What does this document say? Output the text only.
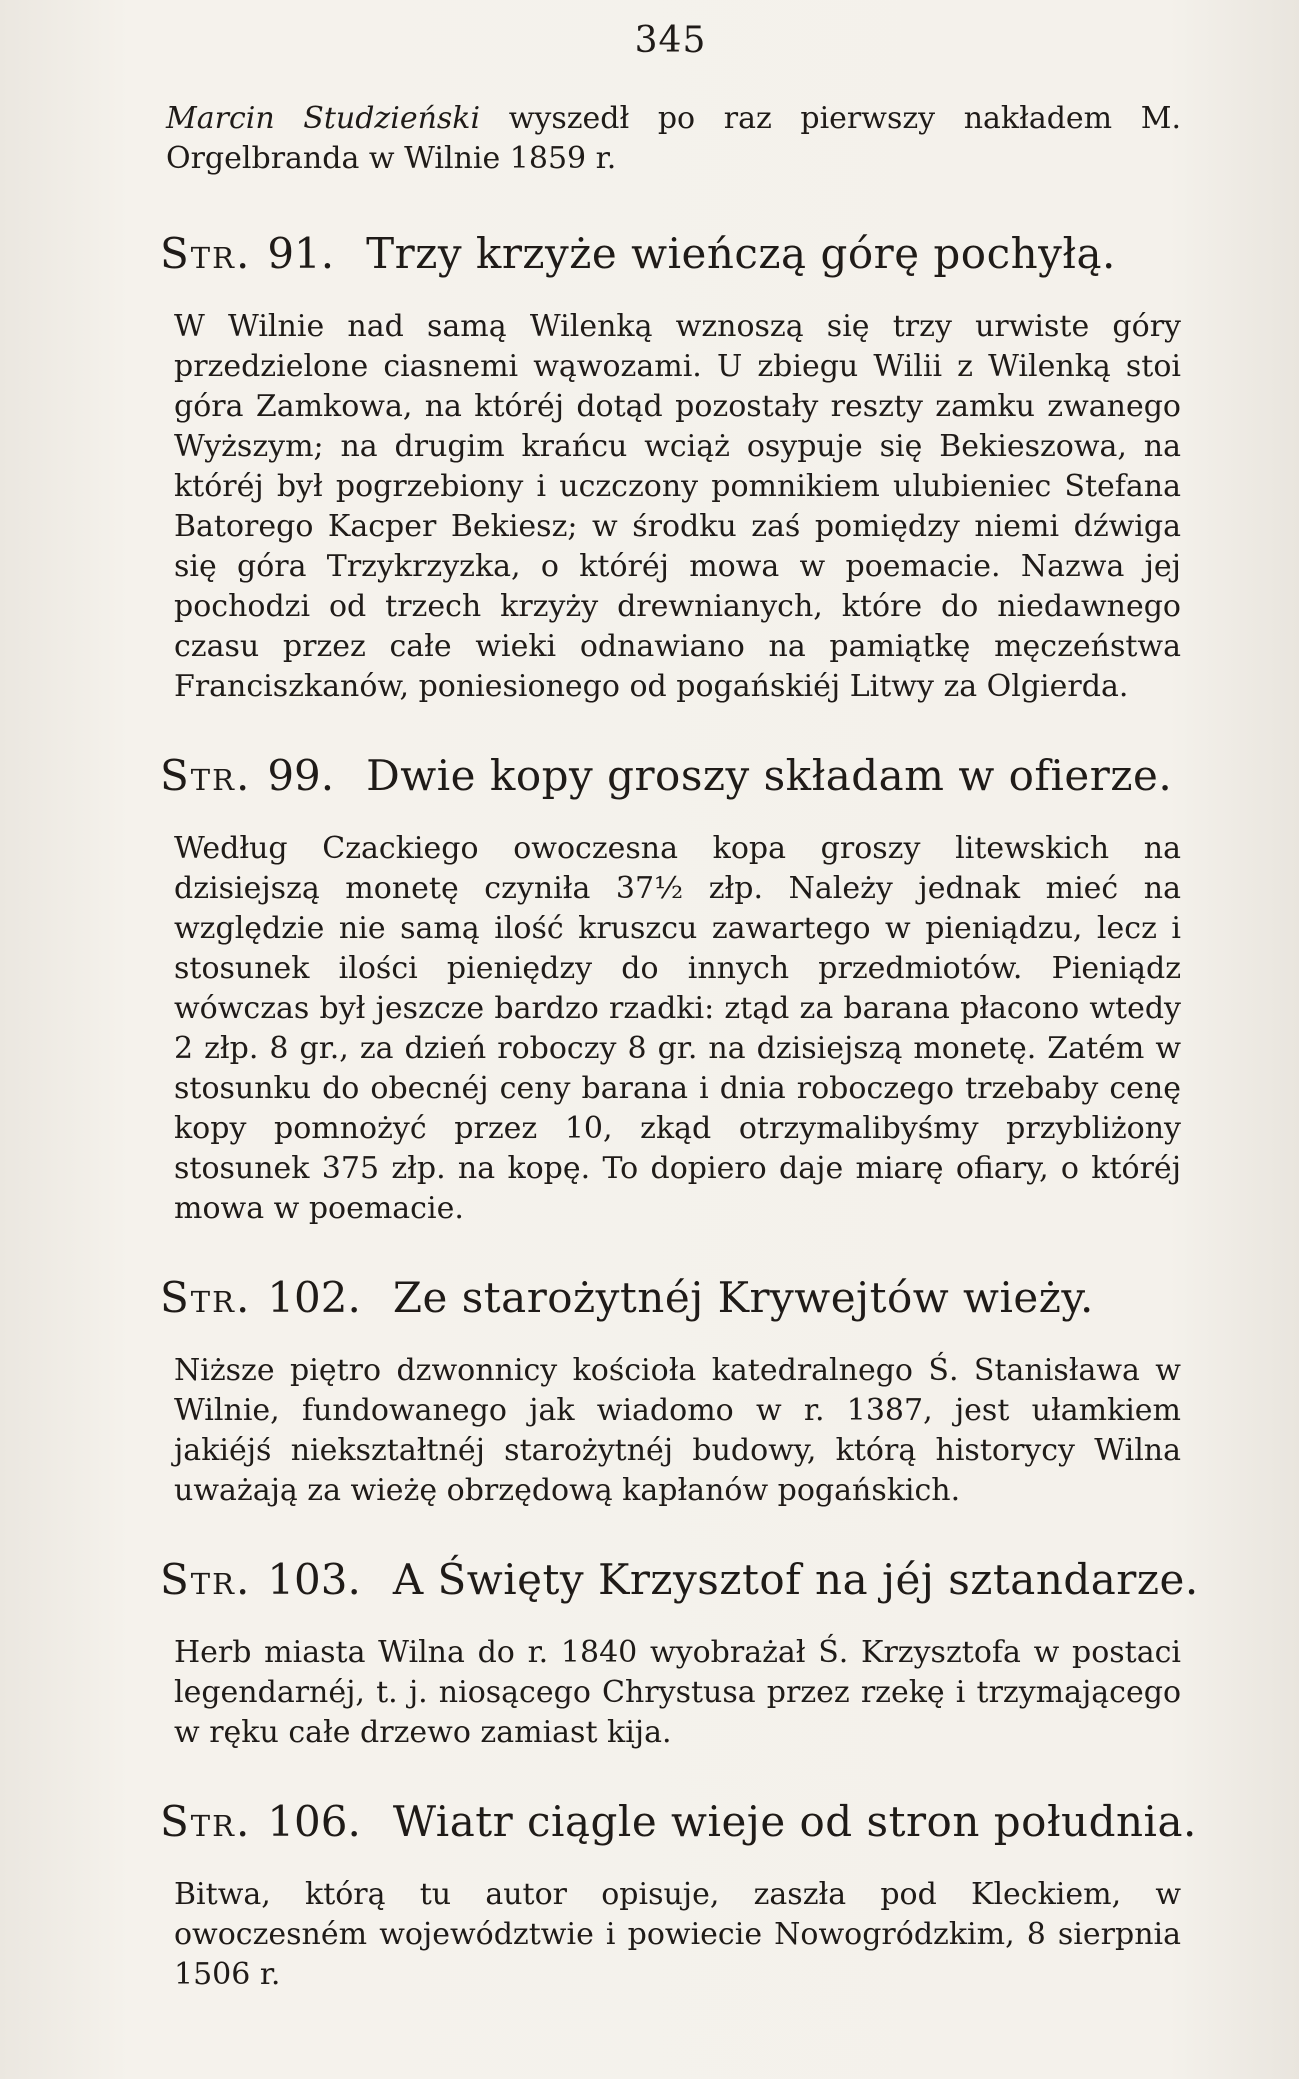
345

Marcin Studzieński wyszedł po raz pierwszy nakładem M. Orgelbranda w Wilnie 1859 r.

Str. 91. Trzy krzyże wieńczą górę pochyłą.

W Wilnie nad samą Wilenką wznoszą się trzy urwiste góry przedzielone ciasnemi wąwozami. U zbiegu Wilii z Wilenką stoi góra Zamkowa, na któréj dotąd pozostały reszty zamku zwanego Wyższym; na drugim krańcu wciąż osypuje się Bekieszowa, na któréj był pogrzebiony i uczczony pomnikiem ulubieniec Stefana Batorego Kacper Bekiesz; w środku zaś pomiędzy niemi dźwiga się góra Trzykrzyzka, o któréj mowa w poemacie. Nazwa jej pochodzi od trzech krzyży drewnianych, które do niedawnego czasu przez całe wieki odnawiano na pamiątkę męczeństwa Franciszkanów, poniesionego od pogańskiéj Litwy za Olgierda.

Str. 99. Dwie kopy groszy składam w ofierze.

Według Czackiego owoczesna kopa groszy litewskich na dzisiejszą monetę czyniła 37½ złp. Należy jednak mieć na względzie nie samą ilość kruszcu zawartego w pieniądzu, lecz i stosunek ilości pieniędzy do innych przedmiotów. Pieniądz wówczas był jeszcze bardzo rzadki: ztąd za barana płacono wtedy 2 złp. 8 gr., za dzień roboczy 8 gr. na dzisiejszą monetę. Zatém w stosunku do obecnéj ceny barana i dnia roboczego trzebaby cenę kopy pomnożyć przez 10, zkąd otrzymalibyśmy przybliżony stosunek 375 złp. na kopę. To dopiero daje miarę ofiary, o któréj mowa w poemacie.

Str. 102. Ze starożytnéj Krywejtów wieży.

Niższe piętro dzwonnicy kościoła katedralnego Ś. Stanisława w Wilnie, fundowanego jak wiadomo w r. 1387, jest ułamkiem jakiéjś niekształtnéj starożytnéj budowy, którą historycy Wilna uważają za wieżę obrzędową kapłanów pogańskich.

Str. 103. A Święty Krzysztof na jéj sztandarze.

Herb miasta Wilna do r. 1840 wyobrażał Ś. Krzysztofa w postaci legendarnéj, t. j. niosącego Chrystusa przez rzekę i trzymającego w ręku całe drzewo zamiast kija.

Str. 106. Wiatr ciągle wieje od stron południa.

Bitwa, którą tu autor opisuje, zaszła pod Kleckiem, w owoczesném województwie i powiecie Nowogródzkim, 8 sierpnia 1506 r.
